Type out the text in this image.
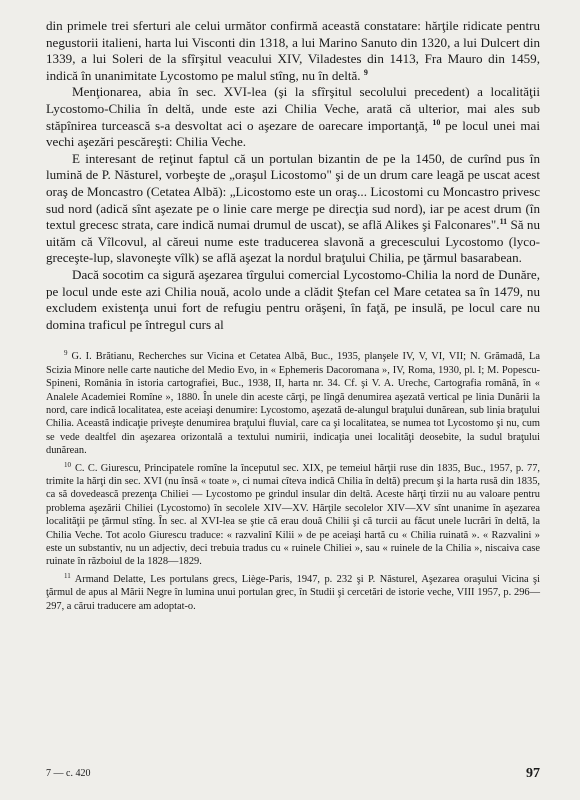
din primele trei sferturi ale celui următor confirmă această constatare: hărţile ridicate pentru negustorii italieni, harta lui Visconti din 1318, a lui Marino Sanuto din 1320, a lui Dulcert din 1339, a lui Soleri de la sfîrşitul veacului XIV, Viladestes din 1413, Fra Mauro din 1459, indică în unanimitate Lycostomo pe malul stîng, nu în deltă. $^9$

Menţionarea, abia în sec. XVI-lea (şi la sfîrşitul secolului precedent) a localităţii Lycostomo-Chilia în deltă, unde este azi Chilia Veche, arată că ulterior, mai ales sub stăpînirea turcească s-a desvoltat aci o aşezare de oarecare importanţă, $^{10}$ pe locul unei mai vechi aşezări pescăreşti: Chilia Veche.

E interesant de reţinut faptul că un portulan bizantin de pe la 1450, de curînd pus în lumină de P. Năsturel, vorbeşte de „oraşul Licostomo" şi de un drum care leagă pe uscat acest oraş de Moncastro (Cetatea Albă): „Licostomo este un oraş... Licostomi cu Moncastro privesc sud nord (adică sînt aşezate pe o linie care merge pe direcţia sud nord), iar pe acest drum (în textul grecesc strata, care indică numai drumul de uscat), se află Alikes şi Falconares".$^{11}$ Să nu uităm că Vîlcovul, al căreui nume este traducerea slavonă a grecescului Lycostomo (lyco-greceşte-lup, slavoneşte vîlk) se află aşezat la nordul braţului Chilia, pe ţărmul basarabean.

Dacă socotim ca sigură aşezarea tîrgului comercial Lycostomo-Chilia la nord de Dunăre, pe locul unde este azi Chilia nouă, acolo unde a clădit Ştefan cel Mare cetatea sa în 1479, nu excludem existenţa unui fort de refugiu pentru orăşeni, în faţă, pe insulă, pe locul care nu domina traficul pe întregul curs al

$^9$ G. I. Brătianu, Recherches sur Vicina et Cetatea Albă, Buc., 1935, planşele IV, V, VI, VII; N. Grămadă, La Scizia Minore nelle carte nautiche del Medio Evo, in « Ephemeris Dacoromana », IV, Roma, 1930, pl. I; M. Popescu-Spineni, România în istoria cartografiei, Buc., 1938, II, harta nr. 34. Cf. şi V. A. Urechє, Cartografia română, în « Analele Academiei Romîne », 1880. În unele din aceste cărţi, pe lîngă denumirea aşezată vertical pe linia Dunării la nord, care indică localitatea, este aceiaşi denumire: Lycostomo, aşezată de-alungul braţului dunărean, sub linia braţului Chilia. Această indicaţie priveşte denumirea braţului fluvial, care ca şi localitatea, se numea tot Lycostomo şi nu, cum se vede dealtfel din aşezarea orizontală a textului numirii, indicaţia unei localităţi deosebite, la sudul braţului dunărean.

$^{10}$ C. C. Giurescu, Principatele romîne la începutul sec. XIX, pe temeiul hărţii ruse din 1835, Buc., 1957, p. 77, trimite la hărţi din sec. XVI (nu însă « toate », ci numai cîteva indică Chilia în deltă) precum şi la harta rusă din 1835, ca să dovedească prezenţa Chiliei — Lycostomo pe grindul insular din deltă. Aceste hărţi tîrzii nu au valoare pentru problema aşezării Chiliei (Lycostomo) în secolele XIV—XV. Hărţile secolelor XIV—XV sînt unanime în aşezarea localităţii pe ţărmul stîng. În sec. al XVI-lea se ştie că erau două Chilii şi că turcii au făcut unele lucrări în deltă, la Chilia Veche. Tot acolo Giurescu traduce: « razvalinî Kilii » de pe aceiaşi hartă cu « Chilia ruinată ». « Razvalini » este un substantiv, nu un adjectiv, deci trebuia tradus cu « ruinele Chiliei », sau « ruinele de la Chilia », niscaiva case ruinate în războiul de la 1828—1829.

$^{11}$ Armand Delatte, Les portulans grecs, Liège-Paris, 1947, p. 232 şi P. Năsturel, Aşezarea oraşului Vicina şi ţărmul de apus al Mării Negre în lumina unui portulan grec, în Studii şi cercetări de istorie veche, VIII 1957, p. 296—297, a cărui traducere am adoptat-o.

7 — c. 420	97
